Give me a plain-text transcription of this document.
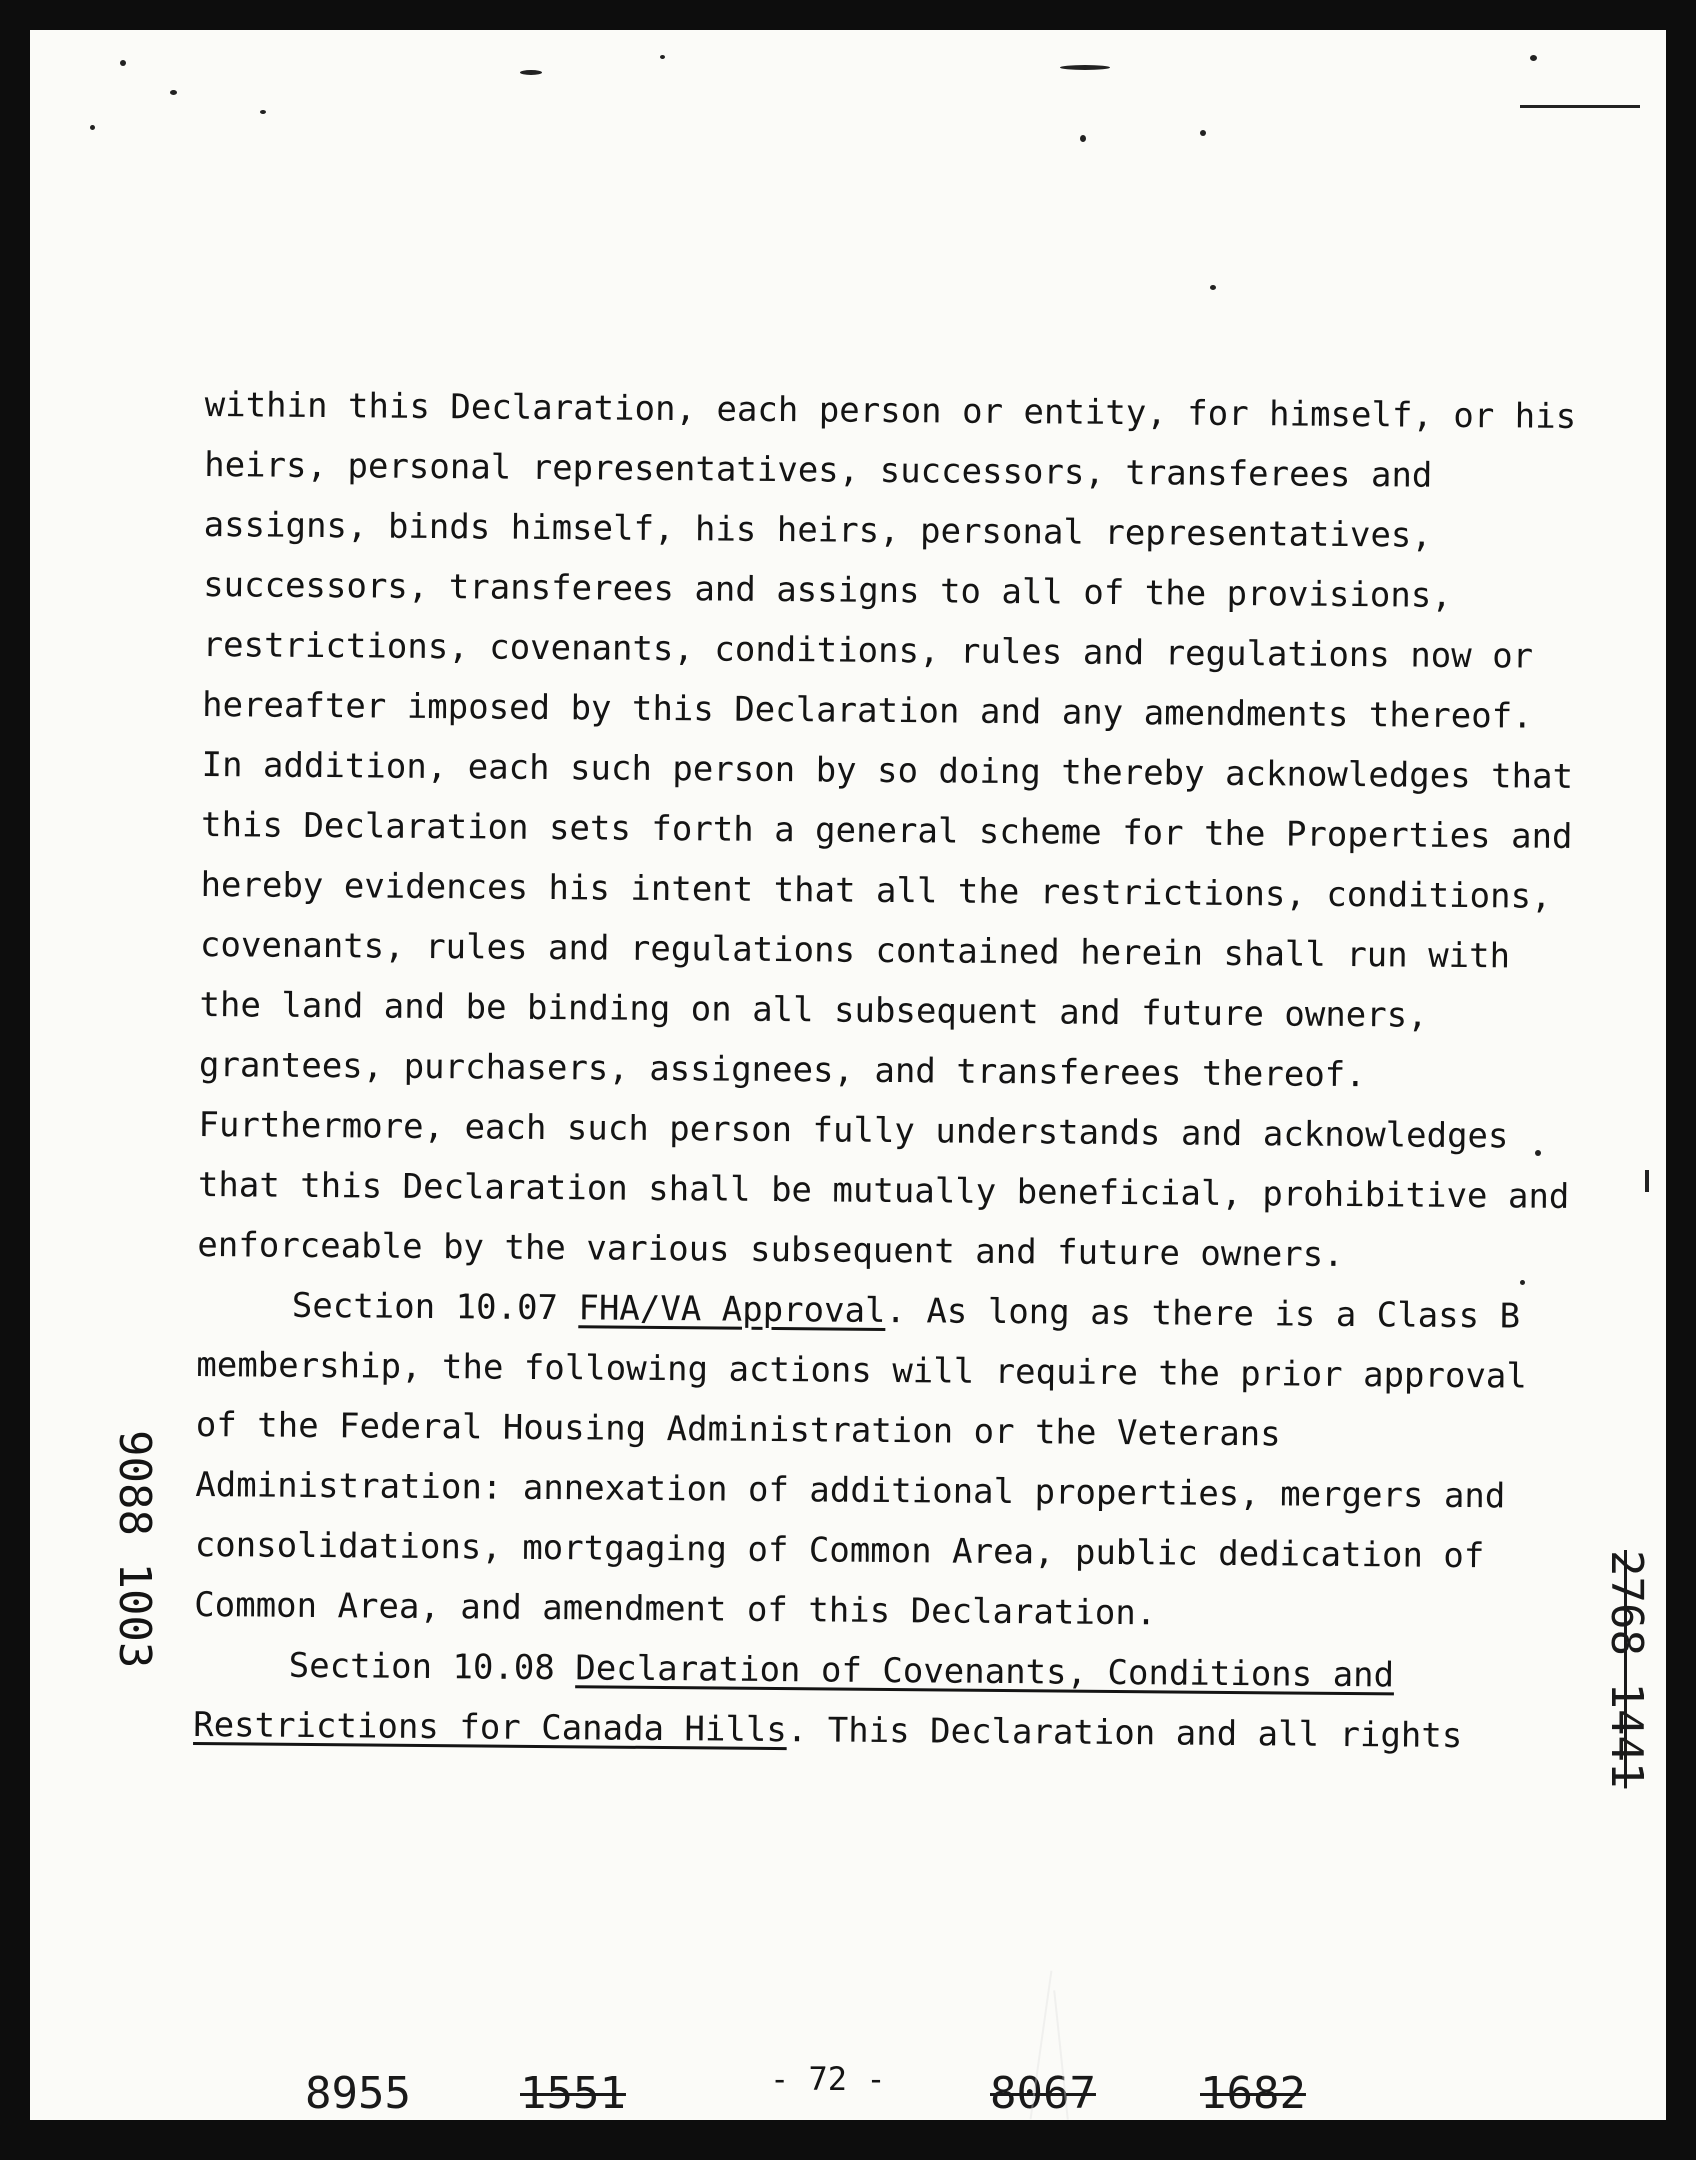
within this Declaration, each person or entity, for himself, or his heirs, personal representatives, successors, transferees and assigns, binds himself, his heirs, personal representatives, successors, transferees and assigns to all of the provisions, restrictions, covenants, conditions, rules and regulations now or hereafter imposed by this Declaration and any amendments thereof. In addition, each such person by so doing thereby acknowledges that this Declaration sets forth a general scheme for the Properties and hereby evidences his intent that all the restrictions, conditions, covenants, rules and regulations contained herein shall run with the land and be binding on all subsequent and future owners, grantees, purchasers, assignees, and transferees thereof. Furthermore, each such person fully understands and acknowledges that this Declaration shall be mutually beneficial, prohibitive and enforceable by the various subsequent and future owners.

Section 10.07 FHA/VA Approval. As long as there is a Class B membership, the following actions will require the prior approval of the Federal Housing Administration or the Veterans Administration: annexation of additional properties, mergers and consolidations, mortgaging of Common Area, public dedication of Common Area, and amendment of this Declaration.

Section 10.08 Declaration of Covenants, Conditions and Restrictions for Canada Hills. This Declaration and all rights

- 72 -
9088 1003
2768 1441
8955 1551	8067 1682
